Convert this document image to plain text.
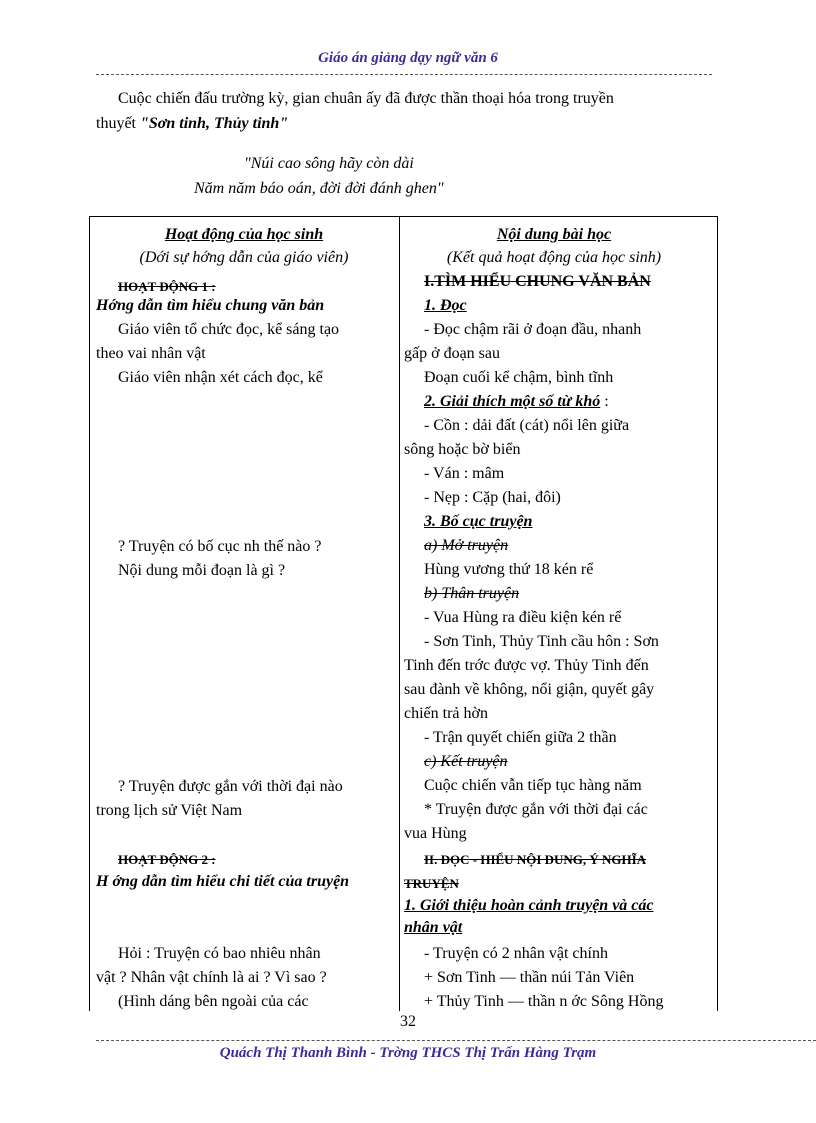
Giáo án giảng dạy ngữ văn 6
Cuộc chiến đấu trường kỳ, gian chuân ấy đã được thần thoại hóa trong truyền
thuyết "Sơn tinh, Thủy tinh"
"Núi cao sông hãy còn dài
Năm năm báo oán, đời đời đánh ghen"
Hoạt động của học sinh
(Dới sự hớng dẫn của giáo viên)
HOẠT ĐỘNG 1 :
Hớng dẫn tìm hiểu chung văn bản
Giáo viên tổ chức đọc, kể sáng tạo
theo vai nhân vật
Giáo viên nhận xét cách đọc, kể
? Truyện có bố cục nh thế nào ?
Nội dung mỗi đoạn là gì ?
? Truyện được gắn với thời đại nào
trong lịch sử Việt Nam
HOẠT ĐỘNG 2 :
H ớng dẫn tìm hiểu chi tiết của truyện
Hỏi : Truyện có bao nhiêu nhân
vật ? Nhân vật chính là ai ? Vì sao ?
(Hình dáng bên ngoài của các
Nội dung bài học
(Kết quả hoạt động của học sinh)
I.TÌM HIỂU CHUNG VĂN BẢN
1. Đọc
- Đọc chậm rãi ở đoạn đầu, nhanh
gấp ở đoạn sau
Đoạn cuối kể chậm, bình tĩnh
2. Giải thích một số từ khó :
- Cồn : dải đất (cát) nổi lên giữa
sông hoặc bờ biển
- Ván : mâm
- Nẹp : Cặp (hai, đôi)
3. Bố cục truyện
a) Mở truyện
Hùng vương thứ 18 kén rể
b) Thân truyện
- Vua Hùng ra điều kiện kén rể
- Sơn Tinh, Thủy Tinh cầu hôn : Sơn
Tinh đến trớc được vợ. Thủy Tinh đến
sau đành về không, nổi giận, quyết gây
chiến trả hờn
- Trận quyết chiến giữa 2 thần
c) Kết truyện
Cuộc chiến vẫn tiếp tục hàng năm
* Truyện được gắn với thời đại các
vua Hùng
II. ĐỌC - HIỂU NỘI DUNG, Ý NGHĨA
TRUYỆN
1. Giới thiệu hoàn cảnh truyện và các
nhân vật
- Truyện có 2 nhân vật chính
+ Sơn Tinh — thần núi Tản Viên
+ Thủy Tinh — thần n ớc Sông Hồng
32
Quách Thị Thanh Bình - Trờng THCS Thị Trấn Hàng Trạm
